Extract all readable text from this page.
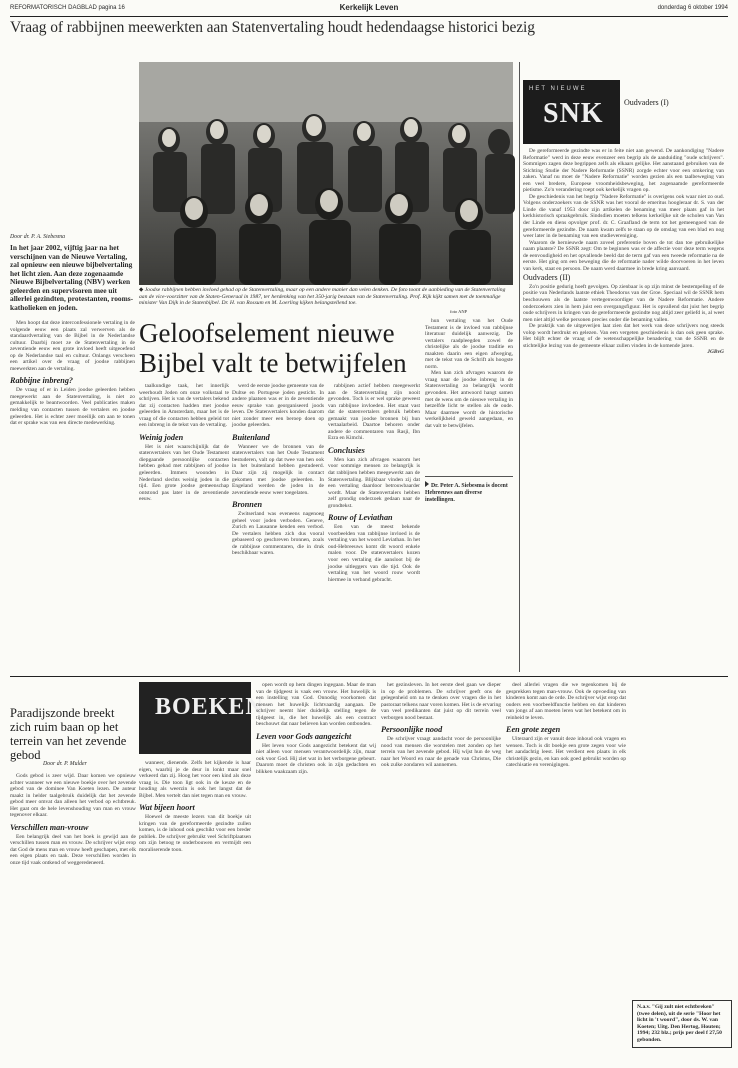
REFORMATORISCH DAGBLAD pagina 16	Kerkelijk Leven	donderdag 6 oktober 1994
Vraag of rabbijnen meewerkten aan Statenvertaling houdt hedendaagse historici bezig
◆ Joodse rabbijnen hebben invloed gehad op de Statenvertaling, maar op een andere manier dan velen denken. De foto toont de aanbieding van de Statenvertaling aan de vice-voorzitter van de Staten-Generaal in 1987, ter herdenking van het 350-jarig bestaan van de Statenvertaling. Prof. Rijk kijkt samen met de toenmalige minister Van Dijk in de Statenbijbel. Dr. H. van Rossum en M. Loerling kijken belangstellend toe.
foto ANP
Door dr. P. A. Siebesma
In het jaar 2002, vijftig jaar na het verschijnen van de Nieuwe Vertaling, zal opnieuw een nieuwe bijbelvertaling het licht zien. Aan deze zogenaamde Nieuwe Bijbelvertaling (NBV) werken geleerden en supervisoren mee uit allerlei gezindten, protestanten, rooms-katholieken en joden.

Men hoopt dat deze interconfessionele vertaling in de volgende eeuw een plaats zal verwerven als de standaardvertaling van de Bijbel in de Nederlandse cultuur. Daarbij moet ze de Statenvertaling in de zeventiende eeuw een grote invloed heeft uitgeoefend op de Nederlandse taal en cultuur. Onlangs verscheen een artikel over de vraag of joodse rabbijnen meewerkten aan de vertaling.

Rabbijne inbreng?

De vraag of er in Leiden joodse geleerden hebben meegewerkt aan de Statenvertaling, is niet zo gemakkelijk te beantwoorden. Veel publicaties maken melding van contacten tussen de vertalers en joodse geleerden. Het is echter zeer moeilijk om aan te tonen dat er sprake was van een directe medewerking.

Geloofselement nieuwe Bijbel valt te betwijfelen

taalkundige taak, het innerlijk weerhoudt Joden om onze volkstaal te schrijven. Het is van de vertalers bekend dat zij contacten hadden met joodse geleerden in Amsterdam, maar het is de vraag of die contacten hebben geleid tot een inbreng in de tekst van de vertaling.

Weinig joden

Het is niet waarschijnlijk dat de statenvertalers van het Oude Testament diepgaande persoonlijke contacten hebben gehad met rabbijnen of joodse geleerden. Immers woonden in Nederland slechts weinig joden in die tijd. Een grote joodse gemeenschap ontstond pas later in de zeventiende eeuw.

werd de eerste joodse gemeente van de Dultse en Portugese joden gesticht. In andere plaatsen was er in de zeventiende eeuw sprake van georganiseerd joods leven. De Statenvertalers konden daarom niet zonder meer een beroep doen op joodse geleerden.

Buitenland

Wanneer we de bronnen van de statenvertalers van het Oude Testament bestuderen, valt op dat twee van hen ook in het buitenland hebben gestudeerd. Daar zijn zij mogelijk in contact gekomen met joodse geleerden. In Engeland werden de joden in de zeventiende eeuw weer toegelaten.

Bronnen

Zwitserland was eveneens nagenoeg geheel voor joden verboden. Geneve, Zurich en Lausanne kenden een verbod. De vertalers hebben zich dus vooral gebaseerd op geschreven bronnen, zoals de rabbijnse commentaren, die in druk beschikbaar waren.

rabbijnen actief hebben meegewerkt aan de Statenvertaling zijn nooit gevonden. Toch is er wel sprake geweest van rabbijnse invloeden. Het staat vast dat de statenvertalers gebruik hebben gemaakt van joodse bronnen bij hun vertaalarbeid. Daartoe behoren onder andere de commentaren van Rasji, Ibn Ezra en Kimchi.

Conclusies

Men kan zich afvragen waarom het voor sommige mensen zo belangrijk is dat rabbijnen hebben meegewerkt aan de Statenvertaling. Blijkbaar vinden zij dat een vertaling daardoor betrouwbaarder wordt. Maar de Statenvertalers hebben zelf grondig onderzoek gedaan naar de grondtekst.

Rouw of Leviathan

Een van de meest bekende voorbeelden van rabbijnse invloed is de vertaling van het woord Leviathan. In het oud-Hebreeuws komt dit woord enkele malen voor. De statenvertalers kozen voor een vertaling die aansloot bij de joodse uitleggers van die tijd. Ook de vertaling van het woord rouw wordt hiermee in verband gebracht.

hun vertaling van het Oude Testament is de invloed van rabbijnse literatuur duidelijk aanwezig. De vertalers raadpleegden zowel de christelijke als de joodse traditie en maakten daarin een eigen afweging, met de tekst van de Schrift als hoogste norm.

Men kan zich afvragen waarom de vraag naar de joodse inbreng in de Statenvertaling zo belangrijk wordt gevonden. Het antwoord hangt samen met de wens om de nieuwe vertaling in hetzelfde licht te stellen als de oude. Maar daarmee wordt de historische werkelijkheid geweld aangedaan, en dat valt te betwijfelen.

Dr. Peter A. Siebesma is docent Hebreeuws aan diverse instellingen.
HET NIEUWE
SNK	Oudvaders (I)

De gereformeerde gezindte was er in feite niet aan gewend. De aankondiging "Nadere Reformatie" werd in deze eeuw evenzeer een begrip als de aanduiding "oude schrijvers". Sommigen zagen deze begrippen zelfs als elkaars gelijke. Het aanstaand gebruiken van de Stichting Studie der Nadere Reformatie (SSNR) zorgde echter voor een omkering van zaken. Vanaf nu moet de "Nadere Reformatie" worden gezien als een taalbeweging van een veel bredere, Europese vroomheidsbeweging, het zogenaamde gereformeerde pietisme. Zo'n verandering roept ook kerkelijk vragen op.

De geschiedenis van het begrip "Nadere Reformatie" is overigens ook waar niet zo oud. Volgens onderzoekers van de SSNR was het vooral de emeritus hoogleraar dr. S. van der Linde die vanaf 1953 door zijn artikelen de benaming van meer plaats gaf in het kerkhistorisch spraakgebruik. Sindsdien moeten telkens kerkelijke uit de scholen van Van der Linde en diens opvolger prof. dr. C. Graafland de term tot het gemeengoed van de gereformeerde gezindte. De naam kwam zelfs te staan op de omslag van een blad en nog weer later in de benaming van een studievereniging.

Waarom de hernieuwde naam zoveel preferentie boven de tot dan toe gebruikelijke naam plaatste? De SSNR zegt: Om te beginnen was er de affectie voor deze term wegens de eenvoudigheid en het opvallende beeld dat de term gaf van een tweede reformatie na de eerste. Het ging om een beweging die de reformatie nader wilde doorvoeren in het leven van kerk, staat en persoon. De naam werd daarmee in brede kring aanvaard.

Oudvaders (II)

Zo'n positie gedurig hoeft gevolgen. Op zienbaar is op zijn minst de bestempeling of de positie van Nederlands laatste ethiek Theodorus van der Groe. Speciaal wil de SSNR hem beschouwen als de laatste vertegenwoordiger van de Nadere Reformatie. Andere onderzoekers zien in hem juist een overgangsfiguur. Het is opvallend dat juist het begrip oude schrijvers in kringen van de gereformeerde gezindte nog altijd zeer geliefd is, al weet men niet altijd welke personen precies onder die benaming vallen.

De praktijk van de uitgeverijen laat zien dat het werk van deze schrijvers nog steeds volop wordt herdrukt en gelezen. Van een vergeten geschiedenis is dan ook geen sprake. Het blijft echter de vraag of de wetenschappelijke benadering van de SSNR en de stichtelijke lezing van de gemeente elkaar zullen vinden in de komende jaren.

JGBvG

BOEKEN
Paradijszonde breekt zich ruim baan op het terrein van het zevende gebod
Door dr. P. Mulder

Gods gebod is zeer wijd. Daar komen we opnieuw achter wanneer we een nieuwe boekje over het zevende gebod van de dominee Van Koeten lezen. De auteur maakt in helder taalgebruik duidelijk dat het zevende gebod meer omvat dan alleen het verbod op echtbreuk. Het gaat om de hele levenshouding van man en vrouw tegenover elkaar.

Verschillen man-vrouw

Een belangrijk deel van het boek is gewijd aan de verschillen tussen man en vrouw. De schrijver wijst erop dat God de mens man en vrouw heeft geschapen, met elk een eigen plaats en taak. Deze verschillen worden in onze tijd vaak ontkend of weggeredeneerd.

wanneer, dienende. Zelfs het kijkende is haar eigen, waarbij je de deur in lonkt maar snel verkeerd dan zij. Hoog het voor een kind als deze vraag is. Die toon ligt ook in de keuze en de houding als weerzin is ook het langst dat de Bijbel. Men vertelt dan niet tegen man en vrouw.

Wat bijeen hoort

Hoewel de meeste lezers van dit boekje uit kringen van de gereformeerde gezindte zullen komen, is de inhoud ook geschikt voor een breder publiek. De schrijver gebruikt veel Schriftplaatsen om zijn betoog te onderbouwen en vermijdt een moraliserende toon.

open wordt op hem dingen ingegaan. Maar de man van de tijdgeest is vaak een vrouw. Het huwelijk is een instelling van God. Onnodig voorkomen dat mensen het huwelijk lichtvaardig aangaan. De schrijver neemt hier duidelijk stelling tegen de tijdgeest in, die het huwelijk als een contract beschouwt dat naar believen kan worden ontbonden.

Leven voor Gods aangezicht

Het leven voor Gods aangezicht betekent dat wij niet alleen voor mensen verantwoordelijk zijn, maar ook voor God. Hij ziet wat in het verborgene gebeurt. Daarom moet de christen ook in zijn gedachten en blikken waakzaam zijn.

het gezinsleven. In het eerste deel gaan we dieper in op de problemen. De schrijver geeft ons de gelegenheid om na te denken over vragen die in het pastoraat telkens naar voren komen. Het is de ervaring van veel predikanten dat juist op dit terrein veel verborgen nood bestaat.

Persoonlijke nood

De schrijver vraagt aandacht voor de persoonlijke nood van mensen die worstelen met zonden op het terrein van het zevende gebod. Hij wijst hun de weg naar het Woord en naar de genade van Christus, Die ook zulke zondaren wil aannemen.

deel allerlei vragen die we tegenkomen bij de gesprekken tegen man-vrouw. Ook de opvoeding van kinderen komt aan de orde. De schrijver wijst erop dat ouders een voorbeeldfunctie hebben en dat kinderen van jongs af aan moeten leren wat het betekent om in reinheid te leven.

Een grote zegen

Uiteraard zijn er vanuit deze inhoud ook vragen en wensen. Toch is dit boekje een grote zegen voor wie het aandachtig leest. Het verdient een plaats in elk christelijk gezin, en kan ook goed gebruikt worden op catechisatie en verenigingen.

N.a.v. "Gij zult niet echtbreken" (twee delen), uit de serie "Hoor het licht in 't woord", door ds. W. van Koeten; Uitg. Den Hertog, Houten; 1994; 232 blz.; prijs per deel f 27,50 gebonden.
